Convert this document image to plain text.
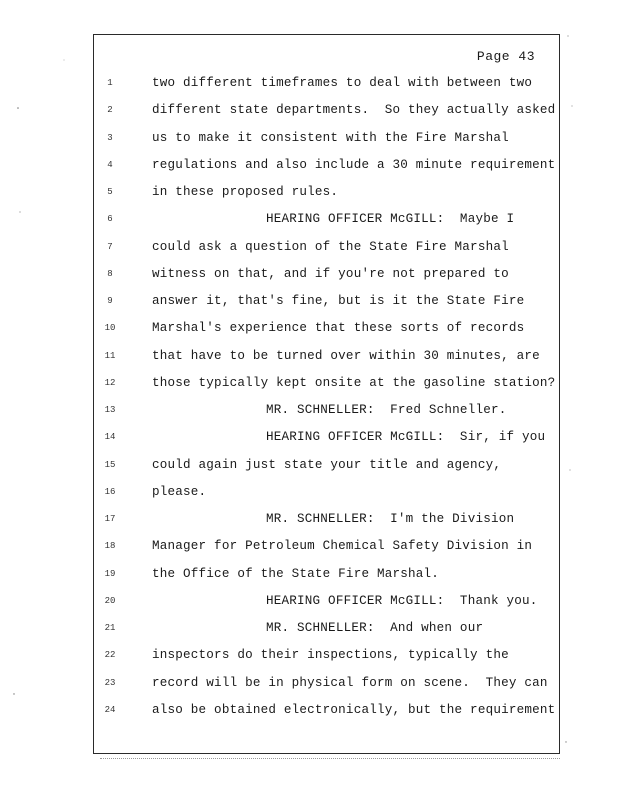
Page 43
1	two different timeframes to deal with between two
2	different state departments.  So they actually asked
3	us to make it consistent with the Fire Marshal
4	regulations and also include a 30 minute requirement
5	in these proposed rules.
6	HEARING OFFICER McGILL:  Maybe I
7	could ask a question of the State Fire Marshal
8	witness on that, and if you're not prepared to
9	answer it, that's fine, but is it the State Fire
10	Marshal's experience that these sorts of records
11	that have to be turned over within 30 minutes, are
12	those typically kept onsite at the gasoline station?
13	MR. SCHNELLER:  Fred Schneller.
14	HEARING OFFICER McGILL:  Sir, if you
15	could again just state your title and agency,
16	please.
17	MR. SCHNELLER:  I'm the Division
18	Manager for Petroleum Chemical Safety Division in
19	the Office of the State Fire Marshal.
20	HEARING OFFICER McGILL:  Thank you.
21	MR. SCHNELLER:  And when our
22	inspectors do their inspections, typically the
23	record will be in physical form on scene.  They can
24	also be obtained electronically, but the requirement
